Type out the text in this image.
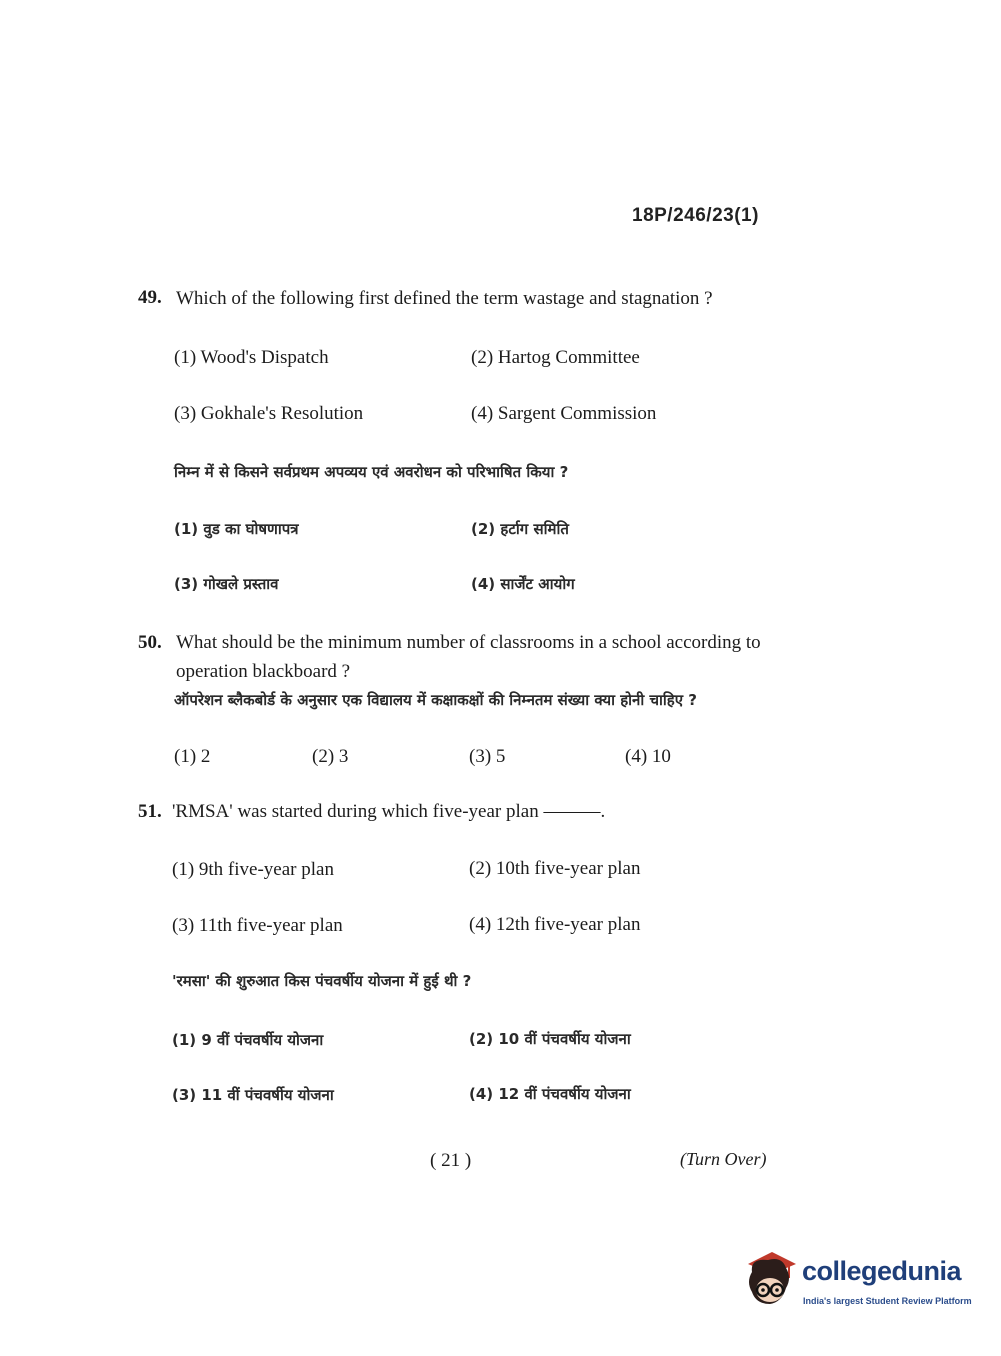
18P/246/23(1)
49. Which of the following first defined the term wastage and stagnation ?
(1) Wood's Dispatch	(2) Hartog Committee
(3) Gokhale's Resolution	(4) Sargent Commission
निम्न में से किसने सर्वप्रथम अपव्यय एवं अवरोधन को परिभाषित किया ?
(1) वुड का घोषणापत्र	(2) हर्टाग समिति
(3) गोखले प्रस्ताव	(4) सार्जेंट आयोग
50. What should be the minimum number of classrooms in a school according to
operation blackboard ?
ऑपरेशन ब्लैकबोर्ड के अनुसार एक विद्यालय में कक्षाकक्षों की निम्नतम संख्या क्या होनी चाहिए ?
(1) 2	(2) 3	(3) 5	(4) 10
51. 'RMSA' was started during which five-year plan ———.
(1) 9th five-year plan	(2) 10th five-year plan
(3) 11th five-year plan	(4) 12th five-year plan
'रमसा' की शुरुआत किस पंचवर्षीय योजना में हुई थी ?
(1) 9 वीं पंचवर्षीय योजना	(2) 10 वीं पंचवर्षीय योजना
(3) 11 वीं पंचवर्षीय योजना	(4) 12 वीं पंचवर्षीय योजना
( 21 )	(Turn Over)
collegedunia
India's largest Student Review Platform
